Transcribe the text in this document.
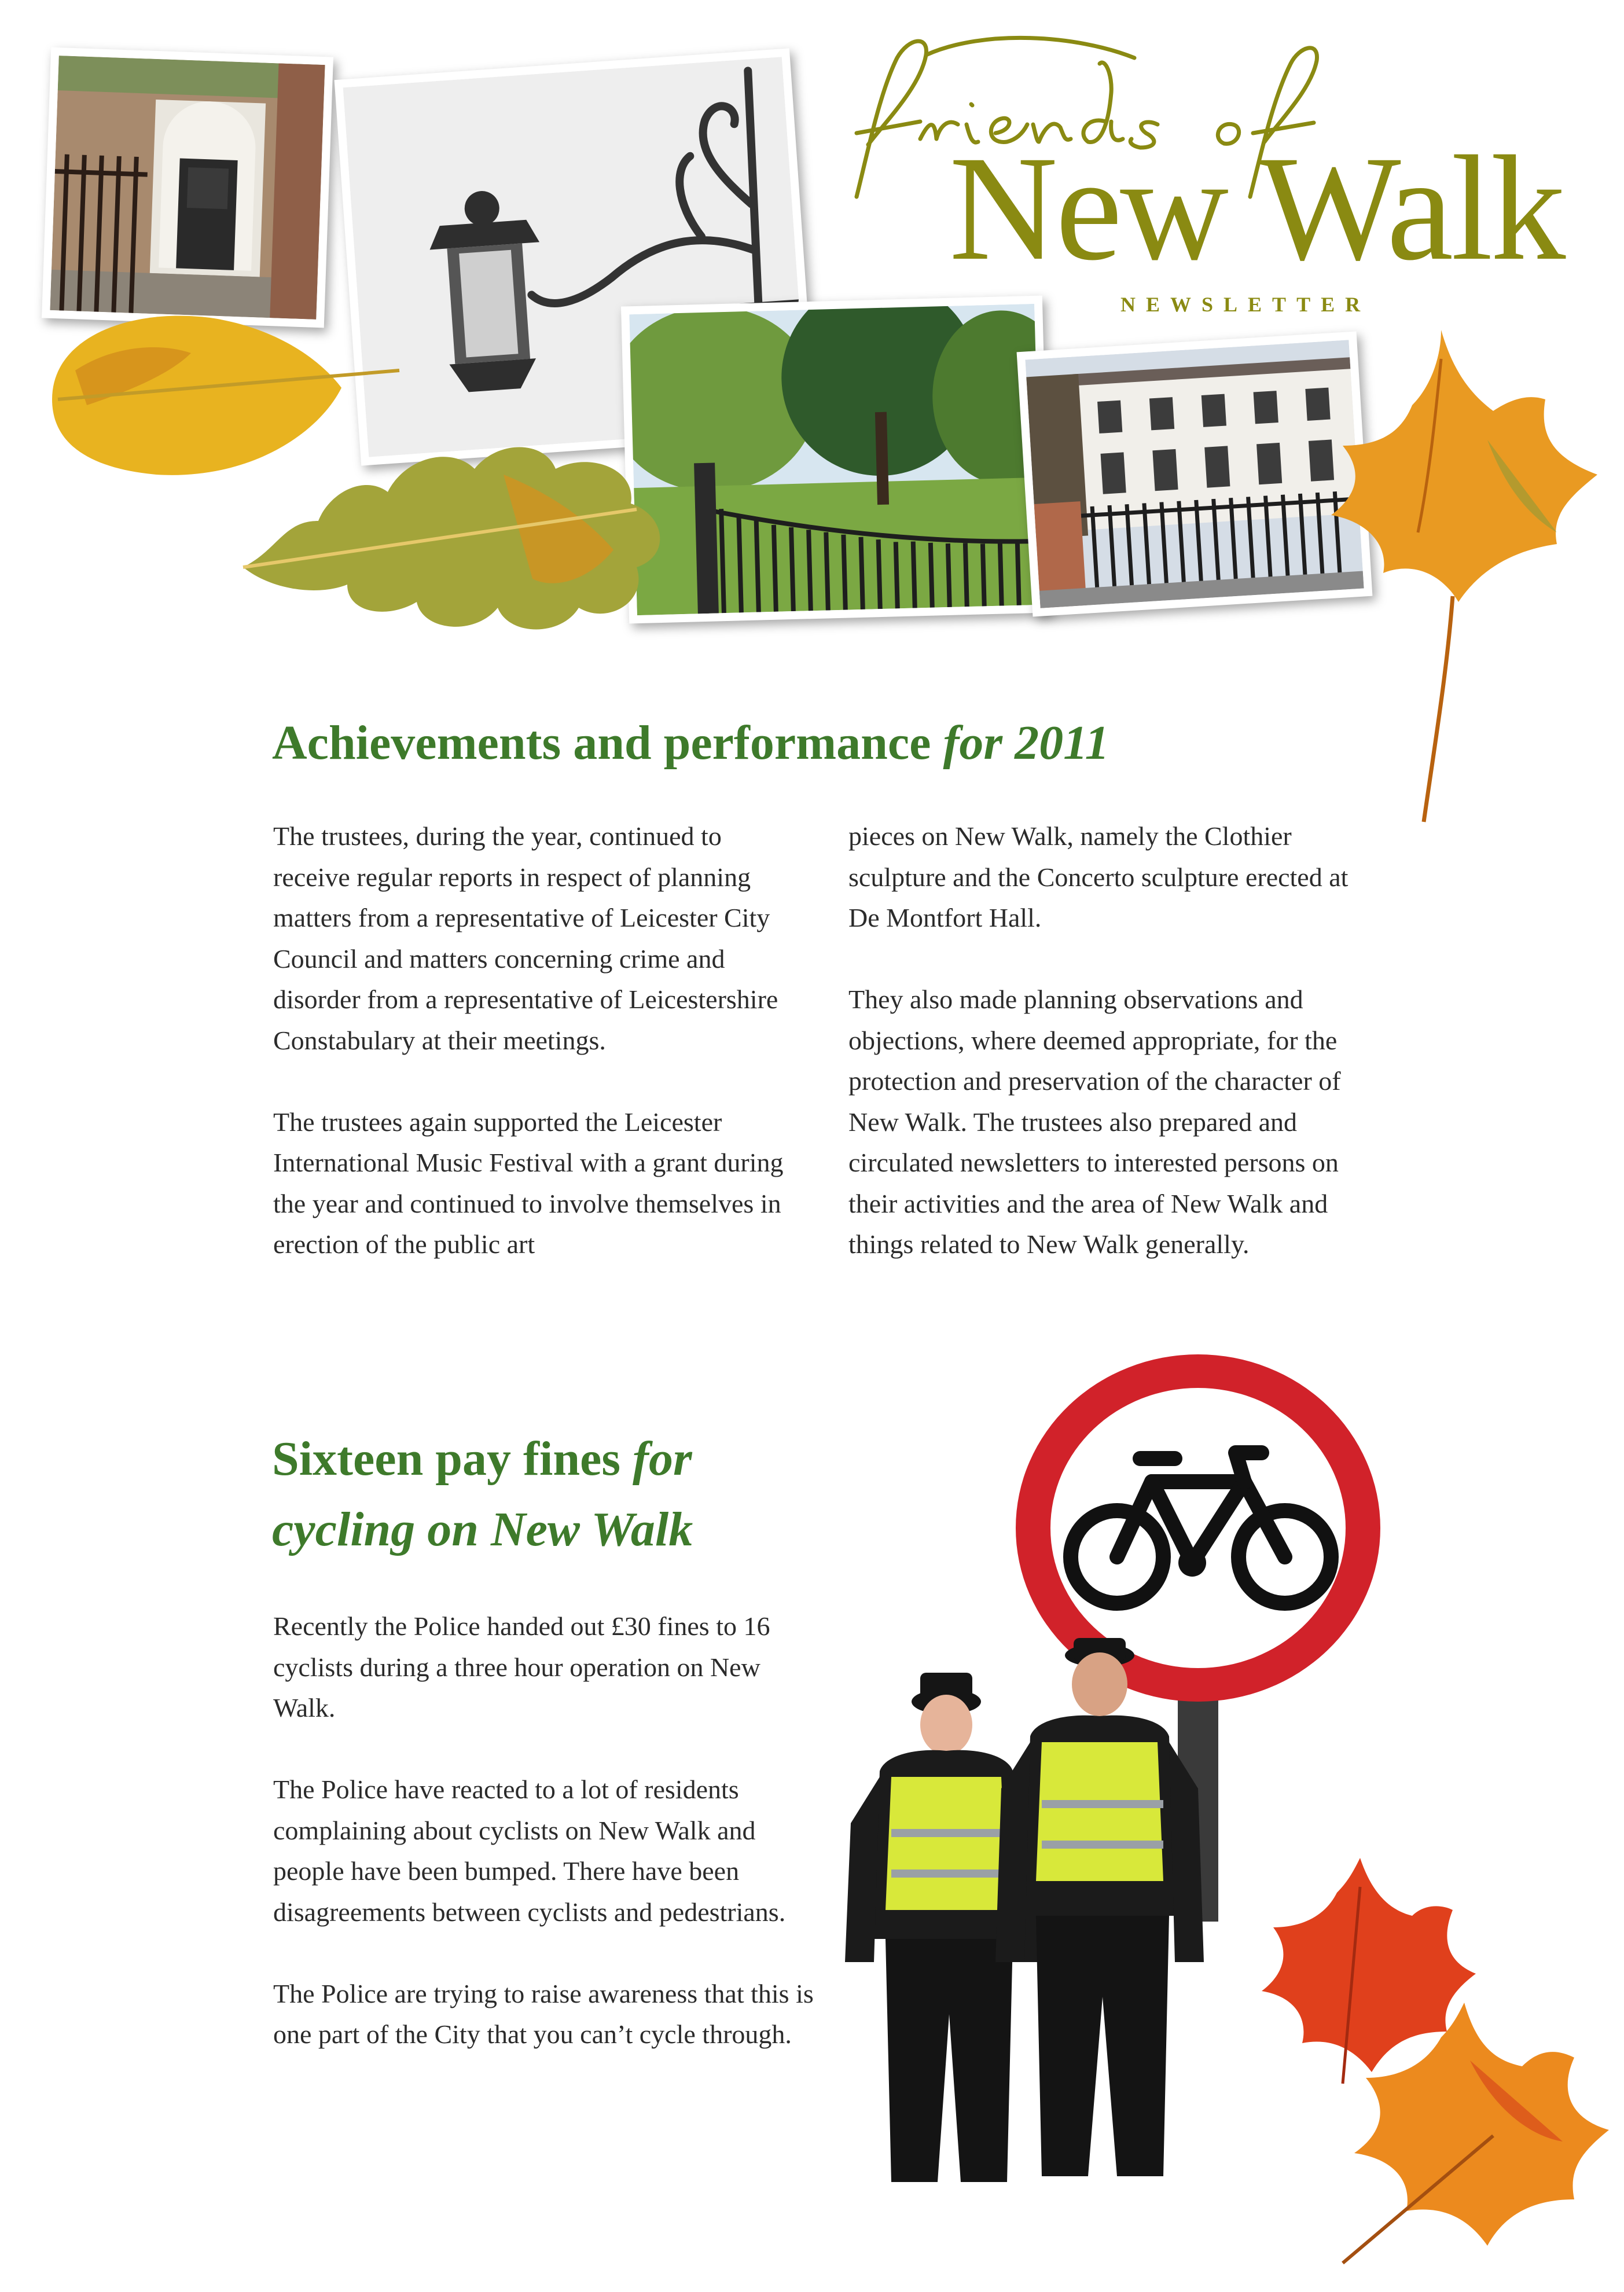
New Walk
NEWSLETTER
Achievements and performance for 2011

The trustees, during the year, continued to receive regular reports in respect of planning matters from a representative of Leicester City Council and matters concerning crime and disorder from a representative of Leicestershire Constabulary at their meetings.

The trustees again supported the Leicester International Music Festival with a grant during the year and continued to involve themselves in erection of the public art

pieces on New Walk, namely the Clothier sculpture and the Concerto sculpture erected at De Montfort Hall.

They also made planning observations and objections, where deemed appropriate, for the protection and preservation of the character of New Walk. The trustees also prepared and circulated newsletters to interested persons on their activities and the area of New Walk and things related to New Walk generally.

Sixteen pay fines for
cycling on New Walk

Recently the Police handed out £30 fines to 16 cyclists during a three hour operation on New Walk.

The Police have reacted to a lot of residents complaining about cyclists on New Walk and people have been bumped. There have been disagreements between cyclists and pedestrians.

The Police are trying to raise awareness that this is one part of the City that you can’t cycle through.
